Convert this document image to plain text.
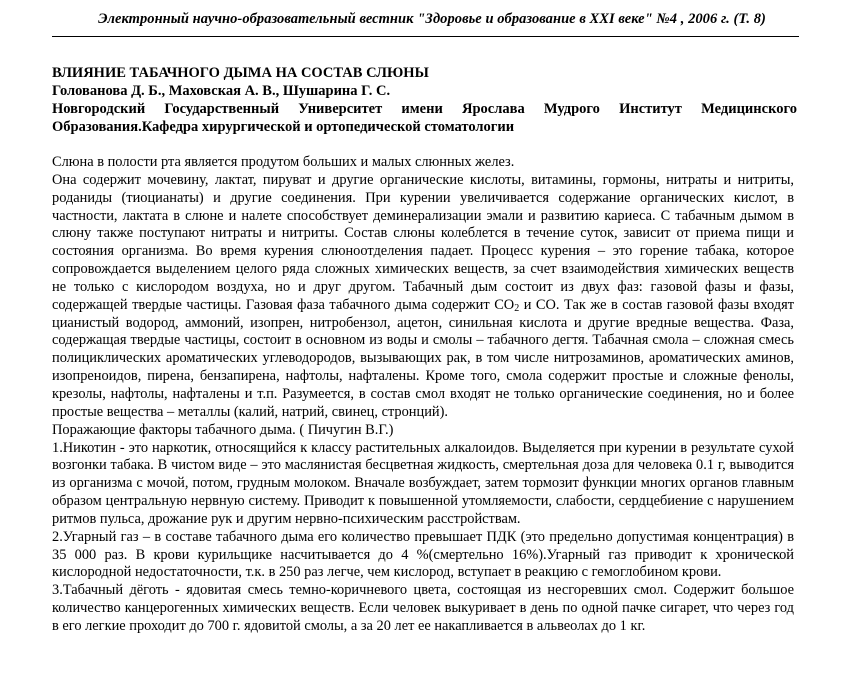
Электронный научно-образовательный вестник "Здоровье и образование в XXI веке" №4 , 2006 г. (Т. 8)
ВЛИЯНИЕ ТАБАЧНОГО ДЫМА НА СОСТАВ СЛЮНЫ
Голованова Д. Б., Маховская А. В., Шушарина Г. С.
Новгородский Государственный Университет имени Ярослава Мудрого Институт Медицинского
Образования.Кафедра хирургической и ортопедической стоматологии

Слюна в полости рта является продутом больших и малых слюнных желез.

Она содержит мочевину, лактат, пируват и другие органические кислоты, витамины, гормоны, нитраты и нитриты, роданиды (тиоцианаты) и другие соединения. При курении увеличивается содержание органических кислот, в частности, лактата в слюне и налете способствует деминерализации эмали и развитию кариеса. С табачным дымом в слюну также поступают нитраты и нитриты. Состав слюны колеблется в течение суток, зависит от приема пищи и состояния организма. Во время курения слюноотделения падает. Процесс курения – это горение табака, которое сопровождается выделением целого ряда сложных химических веществ, за счет взаимодействия химических веществ не только с кислородом воздуха, но и друг другом. Табачный дым состоит из двух фаз: газовой фазы и фазы, содержащей твердые частицы. Газовая фаза табачного дыма содержит $CO_2$ и CO. Так же в состав газовой фазы входят цианистый водород, аммоний, изопрен, нитробензол, ацетон, синильная кислота и другие вредные вещества. Фаза, содержащая твердые частицы, состоит в основном из воды и смолы – табачного дегтя. Табачная смола – сложная смесь полициклических ароматических углеводородов, вызывающих рак, в том числе нитрозаминов, ароматических аминов, изопреноидов, пирена, бензапирена, нафтолы, нафталены. Кроме того, смола содержит простые и сложные фенолы, крезолы, нафтолы, нафталены и т.п. Разумеется, в состав смол входят не только органические соединения, но и более простые вещества – металлы (калий, натрий, свинец, стронций).

Поражающие факторы табачного дыма. ( Пичугин В.Г.)

1.Никотин - это наркотик, относящийся к классу растительных алкалоидов. Выделяется при курении в результате сухой возгонки табака. В чистом виде – это маслянистая бесцветная жидкость, смертельная доза для человека 0.1 г, выводится из организма с мочой, потом, грудным молоком. Вначале возбуждает, затем тормозит функции многих органов главным образом центральную нервную систему. Приводит к повышенной утомляемости, слабости, сердцебиение с нарушением ритмов пульса, дрожание рук и другим нервно-психическим расстройствам.

2.Угарный газ – в составе табачного дыма его количество превышает ПДК (это предельно допустимая концентрация) в 35 000 раз. В крови курильщике насчитывается до 4 %(смертельно 16%).Угарный газ приводит к хронической кислородной недостаточности, т.к. в 250 раз легче, чем кислород, вступает в реакцию с гемоглобином крови.

3.Табачный дёготь - ядовитая смесь темно-коричневого цвета, состоящая из несгоревших смол. Содержит большое количество канцерогенных химических веществ. Если человек выкуривает в день по одной пачке сигарет, что через год в его легкие проходит до 700 г. ядовитой смолы, а за 20 лет ее накапливается в альвеолах до 1 кг.
